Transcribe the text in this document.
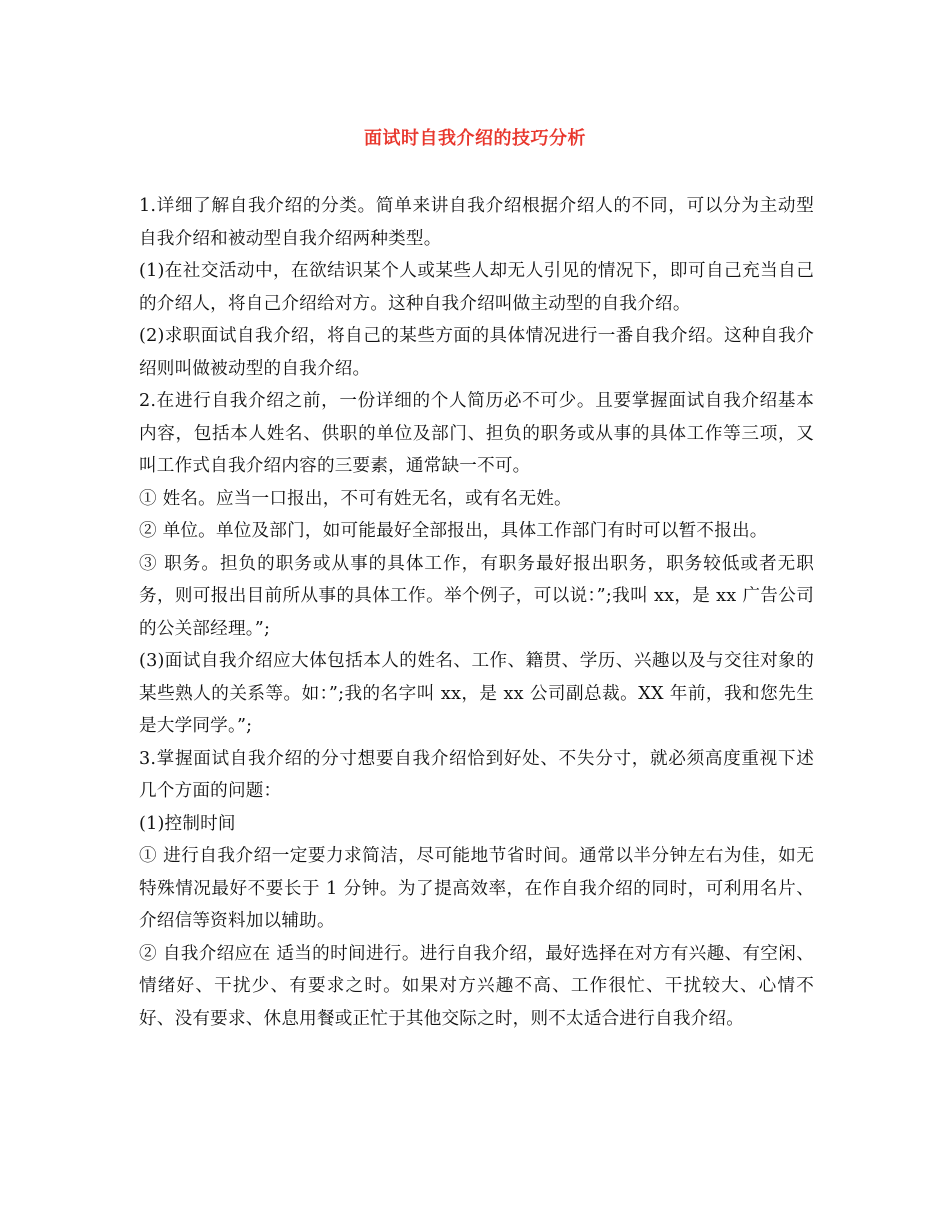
面试时自我介绍的技巧分析

1.详细了解自我介绍的分类。简单来讲自我介绍根据介绍人的不同，可以分为主动型自我介绍和被动型自我介绍两种类型。

(1)在社交活动中，在欲结识某个人或某些人却无人引见的情况下，即可自己充当自己的介绍人，将自己介绍给对方。这种自我介绍叫做主动型的自我介绍。

(2)求职面试自我介绍，将自己的某些方面的具体情况进行一番自我介绍。这种自我介绍则叫做被动型的自我介绍。

2.在进行自我介绍之前，一份详细的个人简历必不可少。且要掌握面试自我介绍基本内容，包括本人姓名、供职的单位及部门、担负的职务或从事的具体工作等三项，又叫工作式自我介绍内容的三要素，通常缺一不可。

① 姓名。应当一口报出，不可有姓无名，或有名无姓。

② 单位。单位及部门，如可能最好全部报出，具体工作部门有时可以暂不报出。

③ 职务。担负的职务或从事的具体工作，有职务最好报出职务，职务较低或者无职务，则可报出目前所从事的具体工作。举个例子，可以说：”;我叫 xx，是 xx 广告公司的公关部经理。”;

(3)面试自我介绍应大体包括本人的姓名、工作、籍贯、学历、兴趣以及与交往对象的某些熟人的关系等。如：”;我的名字叫 xx，是 xx 公司副总裁。XX 年前，我和您先生是大学同学。”;

3.掌握面试自我介绍的分寸想要自我介绍恰到好处、不失分寸，就必须高度重视下述几个方面的问题：

(1)控制时间

① 进行自我介绍一定要力求简洁，尽可能地节省时间。通常以半分钟左右为佳，如无特殊情况最好不要长于 1 分钟。为了提高效率，在作自我介绍的同时，可利用名片、介绍信等资料加以辅助。

② 自我介绍应在 适当的时间进行。进行自我介绍，最好选择在对方有兴趣、有空闲、情绪好、干扰少、有要求之时。如果对方兴趣不高、工作很忙、干扰较大、心情不好、没有要求、休息用餐或正忙于其他交际之时，则不太适合进行自我介绍。
